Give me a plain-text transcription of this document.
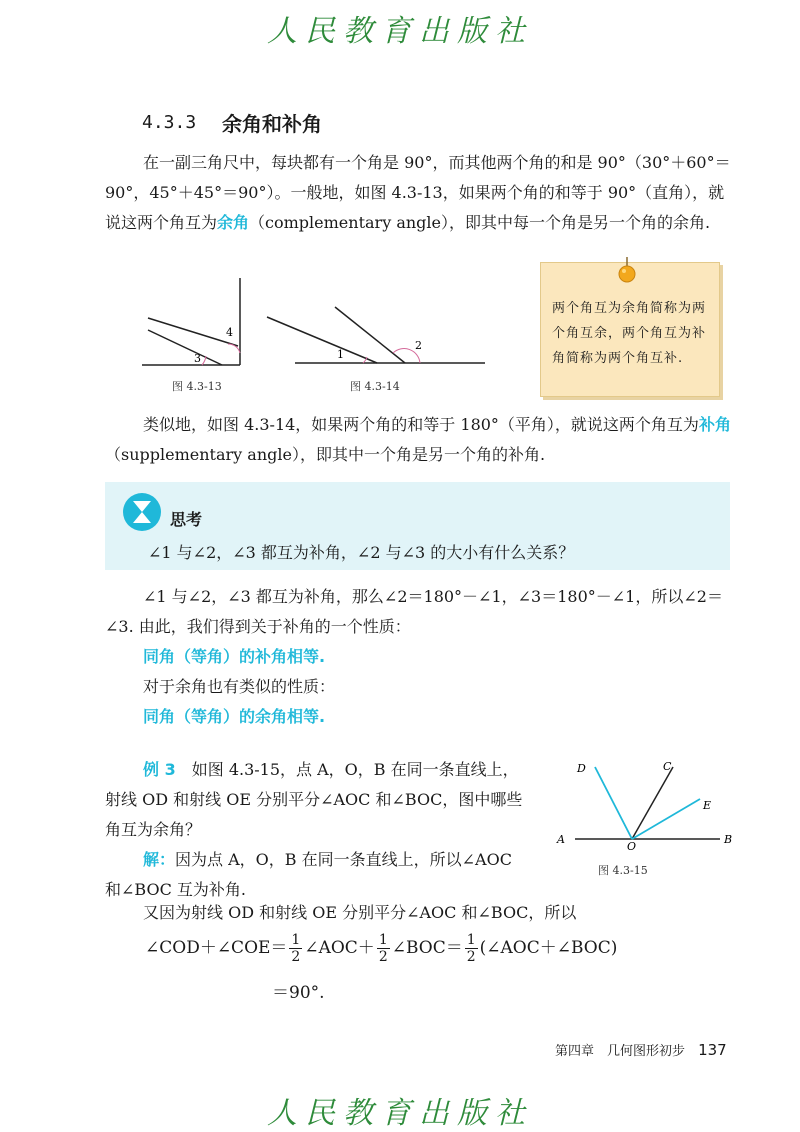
人民教育出版社
4.3.3 余角和补角

在一副三角尺中，每块都有一个角是 90°，而其他两个角的和是 90°（30°＋60°＝90°，45°＋45°＝90°）。一般地，如图 4.3-13，如果两个角的和等于 90°（直角），就说这两个角互为余角（complementary angle），即其中每一个角是另一个角的余角.

4
3
图 4.3-13
1
2
图 4.3-14
两个角互为余角简称为两个角互余，两个角互为补角简称为两个角互补.

类似地，如图 4.3-14，如果两个角的和等于 180°（平角），就说这两个角互为补角（supplementary angle），即其中一个角是另一个角的补角.

思考
∠1 与∠2，∠3 都互为补角，∠2 与∠3 的大小有什么关系？

∠1 与∠2，∠3 都互为补角，那么∠2＝180°－∠1，∠3＝180°－∠1，所以∠2＝∠3. 由此，我们得到关于补角的一个性质：

同角（等角）的补角相等.

对于余角也有类似的性质：

同角（等角）的余角相等.

例 3　 如图 4.3-15，点 A，O，B 在同一条直线上，射线 OD 和射线 OE 分别平分∠AOC 和∠BOC，图中哪些角互为余角？

解：因为点 A，O，B 在同一条直线上，所以∠AOC 和∠BOC 互为补角.

D	C
E
A
O
B
图 4.3-15

又因为射线 OD 和射线 OE 分别平分∠AOC 和∠BOC，所以

∠COD＋∠COE＝ $\frac{1}{2}$ ∠AOC＋ $\frac{1}{2}$ ∠BOC＝ $\frac{1}{2}$ (∠AOC＋∠BOC)
＝90°.
第四章　 几何图形初步　 137
人民教育出版社
